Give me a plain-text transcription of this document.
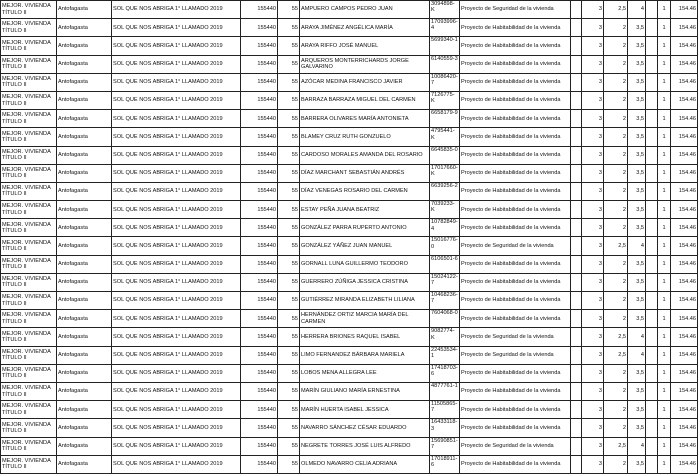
MEJOR. VIVIENDA TÍTULO II	Antofagasta	SOL QUE NOS ABRIGA 1° LLAMADO 2019	155440	55	AMPUERO CAMPOS PEDRO JUAN	3094898-K	Proyecto de Seguridad de la vivienda		3	2,5	4		1	154.46
MEJOR. VIVIENDA TÍTULO II	Antofagasta	SOL QUE NOS ABRIGA 1° LLAMADO 2019	155440	55	ARAYA JIMÉNEZ ANGÉLICA MARÍA	17093996-4	Proyecto de Habitabilidad de la vivienda		3	2	3,5		1	154.46
MEJOR. VIVIENDA TÍTULO II	Antofagasta	SOL QUE NOS ABRIGA 1° LLAMADO 2019	155440	55	ARAYA RIFFO JOSÉ MANUEL	5699340-1	Proyecto de Habitabilidad de la vivienda		3	2	3,5		1	154.46
MEJOR. VIVIENDA TÍTULO II	Antofagasta	SOL QUE NOS ABRIGA 1° LLAMADO 2019	155440	55	ARQUEROS MONTERRICHARDS JORGE GALVARINO	6140559-3	Proyecto de Habitabilidad de la vivienda		3	2	3,5		1	154.46
MEJOR. VIVIENDA TÍTULO II	Antofagasta	SOL QUE NOS ABRIGA 1° LLAMADO 2019	155440	55	AZÓCAR MEDINA FRANCISCO JAVIER	10086420-7	Proyecto de Habitabilidad de la vivienda		3	2	3,5		1	154.46
MEJOR. VIVIENDA TÍTULO II	Antofagasta	SOL QUE NOS ABRIGA 1° LLAMADO 2019	155440	55	BARRAZA BARRAZA MIGUEL DEL CARMEN	7126775-K	Proyecto de Habitabilidad de la vivienda		3	2	3,5		1	154.46
MEJOR. VIVIENDA TÍTULO II	Antofagasta	SOL QUE NOS ABRIGA 1° LLAMADO 2019	155440	55	BARRERA OLIVARES MARÍA ANTONIETA	6658179-9	Proyecto de Habitabilidad de la vivienda		3	2	3,5		1	154.46
MEJOR. VIVIENDA TÍTULO II	Antofagasta	SOL QUE NOS ABRIGA 1° LLAMADO 2019	155440	55	BLAMEY CRUZ RUTH GONZUELO	4795441-K	Proyecto de Habitabilidad de la vivienda		3	2	3,5		1	154.46
MEJOR. VIVIENDA TÍTULO II	Antofagasta	SOL QUE NOS ABRIGA 1° LLAMADO 2019	155440	55	CARDOSO MORALES AMANDA DEL ROSARIO	6645835-0	Proyecto de Habitabilidad de la vivienda		3	2	3,5		1	154.46
MEJOR. VIVIENDA TÍTULO II	Antofagasta	SOL QUE NOS ABRIGA 1° LLAMADO 2019	155440	55	DÍAZ MARCHANT SEBASTIÁN ANDRÉS	17017660-K	Proyecto de Habitabilidad de la vivienda		3	2	3,5		1	154.46
MEJOR. VIVIENDA TÍTULO II	Antofagasta	SOL QUE NOS ABRIGA 1° LLAMADO 2019	155440	55	DÍAZ VENEGAS ROSARIO DEL CARMEN	6639256-2	Proyecto de Habitabilidad de la vivienda		3	2	3,5		1	154.46
MEJOR. VIVIENDA TÍTULO II	Antofagasta	SOL QUE NOS ABRIGA 1° LLAMADO 2019	155440	55	ESTAY PEÑA JUANA BEATRIZ	7039233-K	Proyecto de Habitabilidad de la vivienda		3	2	3,5		1	154.46
MEJOR. VIVIENDA TÍTULO II	Antofagasta	SOL QUE NOS ABRIGA 1° LLAMADO 2019	155440	55	GONZÁLEZ PARRA RUPERTO ANTONIO	10782849-4	Proyecto de Habitabilidad de la vivienda		3	2	3,5		1	154.46
MEJOR. VIVIENDA TÍTULO II	Antofagasta	SOL QUE NOS ABRIGA 1° LLAMADO 2019	155440	55	GONZÁLEZ YÁÑEZ JUAN MANUEL	15016776-0	Proyecto de Seguridad de la vivienda		3	2,5	4		1	154.46
MEJOR. VIVIENDA TÍTULO II	Antofagasta	SOL QUE NOS ABRIGA 1° LLAMADO 2019	155440	55	GORNALL LUNA GUILLERMO TEODORO	6106501-6	Proyecto de Habitabilidad de la vivienda		3	2	3,5		1	154.46
MEJOR. VIVIENDA TÍTULO II	Antofagasta	SOL QUE NOS ABRIGA 1° LLAMADO 2019	155440	55	GUERRERO ZÚÑIGA JESSICA CRISTINA	15024122-7	Proyecto de Habitabilidad de la vivienda		3	2	3,5		1	154.46
MEJOR. VIVIENDA TÍTULO II	Antofagasta	SOL QUE NOS ABRIGA 1° LLAMADO 2019	155440	55	GUTIÉRREZ MIRANDA ELIZABETH LILIANA	10468236-7	Proyecto de Habitabilidad de la vivienda		3	2	3,5		1	154.46
MEJOR. VIVIENDA TÍTULO II	Antofagasta	SOL QUE NOS ABRIGA 1° LLAMADO 2019	155440	55	HERNÁNDEZ ORTIZ MARCIA MARÍA DEL CARMEN	7604068-0	Proyecto de Habitabilidad de la vivienda		3	2	3,5		1	154.46
MEJOR. VIVIENDA TÍTULO II	Antofagasta	SOL QUE NOS ABRIGA 1° LLAMADO 2019	155440	55	HERRERA BRIONES RAQUEL ISABEL	9082774-K	Proyecto de Seguridad de la vivienda		3	2,5	4		1	154.46
MEJOR. VIVIENDA TÍTULO II	Antofagasta	SOL QUE NOS ABRIGA 1° LLAMADO 2019	155440	55	LIMO FERNANDEZ BÁRBARA MARIELA	22453534-1	Proyecto de Seguridad de la vivienda		3	2,5	4		1	154.46
MEJOR. VIVIENDA TÍTULO II	Antofagasta	SOL QUE NOS ABRIGA 1° LLAMADO 2019	155440	55	LOBOS MENA ALLEGRA LEE	17418703-6	Proyecto de Habitabilidad de la vivienda		3	2	3,5		1	154.46
MEJOR. VIVIENDA TÍTULO II	Antofagasta	SOL QUE NOS ABRIGA 1° LLAMADO 2019	155440	55	MARÍN GIULIANO MARÍA ERNESTINA	4877761-1	Proyecto de Habitabilidad de la vivienda		3	2	3,5		1	154.46
MEJOR. VIVIENDA TÍTULO II	Antofagasta	SOL QUE NOS ABRIGA 1° LLAMADO 2019	155440	55	MARÍN HUERTA ISABEL JESSICA	11505865-7	Proyecto de Habitabilidad de la vivienda		3	2	3,5		1	154.46
MEJOR. VIVIENDA TÍTULO II	Antofagasta	SOL QUE NOS ABRIGA 1° LLAMADO 2019	155440	55	NAVARRO SÁNCHEZ CÉSAR EDUARDO	16433118-3	Proyecto de Habitabilidad de la vivienda		3	2	3,5		1	154.46
MEJOR. VIVIENDA TÍTULO II	Antofagasta	SOL QUE NOS ABRIGA 1° LLAMADO 2019	155440	55	NEGRETE TORRES JOSÉ LUIS ALFREDO	15690851-7	Proyecto de Seguridad de la vivienda		3	2,5	4		1	154.46
MEJOR. VIVIENDA TÍTULO II	Antofagasta	SOL QUE NOS ABRIGA 1° LLAMADO 2019	155440	55	OLMEDO NAVARRO CELIA ADRIANA	17018911-6	Proyecto de Habitabilidad de la vivienda		3	2	3,5		1	154.46
